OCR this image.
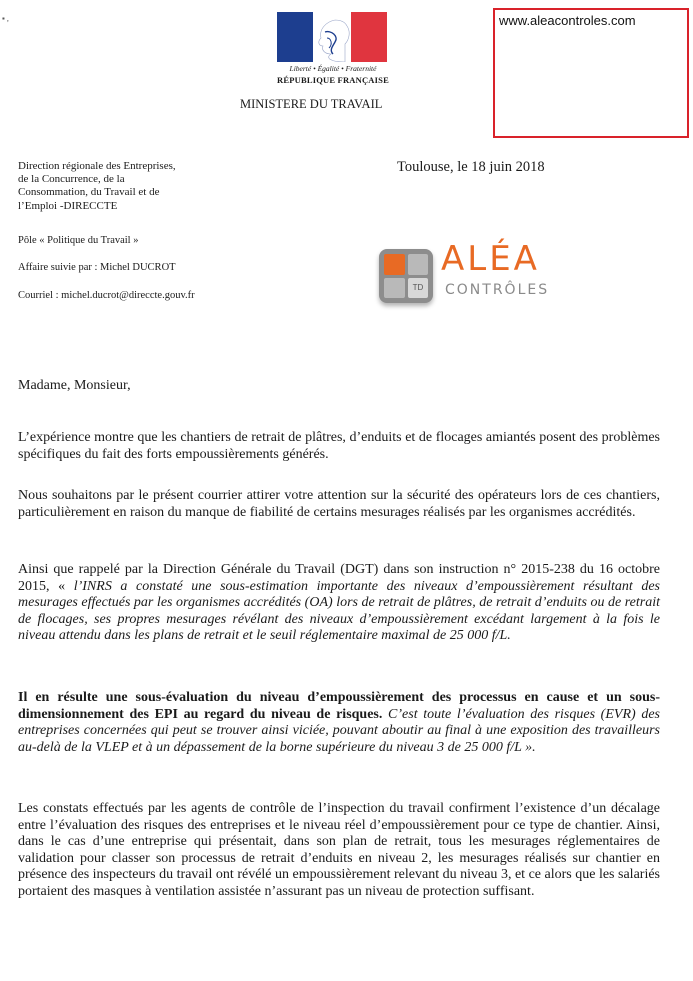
▪ ,
Liberté • Égalité • Fraternité
RÉPUBLIQUE FRANÇAISE
MINISTERE DU TRAVAIL
www.aleacontroles.com
Direction régionale des Entreprises,
de la Concurrence, de la
Consommation, du Travail et de
l’Emploi -DIRECCTE
Pôle « Politique du Travail »
Affaire suivie par : Michel DUCROT
Courriel : michel.ducrot@direccte.gouv.fr
Toulouse, le 18 juin 2018
TD
ALÉA
CONTRÔLES
Madame, Monsieur,
L’expérience montre que les chantiers de retrait de plâtres, d’enduits et de flocages amiantés posent des problèmes spécifiques du fait des forts empoussièrements générés.
Nous souhaitons par le présent courrier attirer votre attention sur la sécurité des opérateurs lors de ces chantiers, particulièrement en raison du manque de fiabilité de certains mesurages réalisés par les organismes accrédités.
Ainsi que rappelé par la Direction Générale du Travail (DGT) dans son instruction n° 2015-238 du 16 octobre 2015, « l’INRS a constaté une sous-estimation importante des niveaux d’empoussièrement résultant des mesurages effectués par les organismes accrédités (OA) lors de retrait de plâtres, de retrait d’enduits ou de retrait de flocages, ses propres mesurages révélant des niveaux d’empoussièrement excédant largement à la fois le niveau attendu dans les plans de retrait et le seuil réglementaire maximal de 25 000 f/L.
Il en résulte une sous-évaluation du niveau d’empoussièrement des processus en cause et un sous-dimensionnement des EPI au regard du niveau de risques. C’est toute l’évaluation des risques (EVR) des entreprises concernées qui peut se trouver ainsi viciée, pouvant aboutir au final à une exposition des travailleurs au-delà de la VLEP et à un dépassement de la borne supérieure du niveau 3 de 25 000 f/L ».
Les constats effectués par les agents de contrôle de l’inspection du travail confirment l’existence d’un décalage entre l’évaluation des risques des entreprises et le niveau réel d’empoussièrement pour ce type de chantier. Ainsi, dans le cas d’une entreprise qui présentait, dans son plan de retrait, tous les mesurages réglementaires de validation pour classer son processus de retrait d’enduits en niveau 2, les mesurages réalisés sur chantier en présence des inspecteurs du travail ont révélé un empoussièrement relevant du niveau 3, et ce alors que les salariés portaient des masques à ventilation assistée n’assurant pas un niveau de protection suffisant.
